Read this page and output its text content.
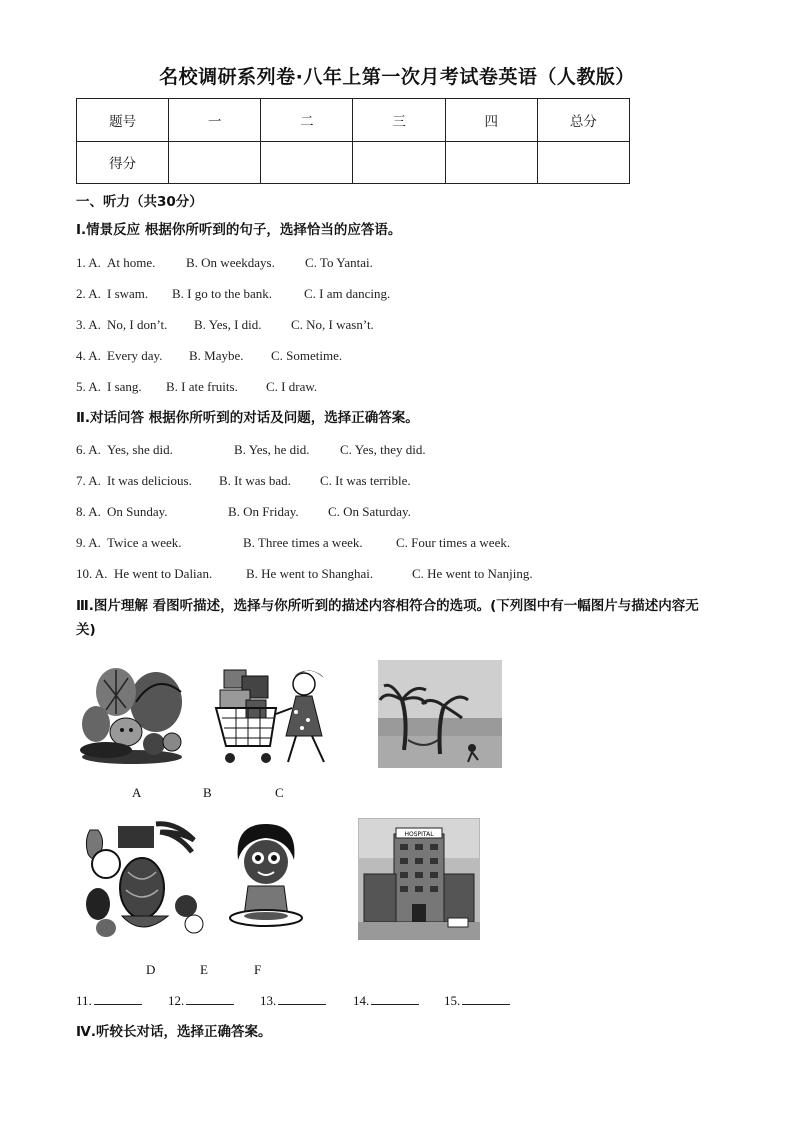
名校调研系列卷·八年上第一次月考试卷英语（人教版）
题号	一	二	三	四	总分
得分					
一、听力（共30分）
Ⅰ.情景反应 根据你所听到的句子，选择恰当的应答语。
1. A. At home. B. On weekdays. C. To Yantai.
2. A. I swam. B. I go to the bank. C. I am dancing.
3. A. No, I don’t. B. Yes, I did. C. No, I wasn’t.
4. A. Every day. B. Maybe. C. Sometime.
5. A. I sang. B. I ate fruits. C. I draw.
Ⅱ.对话问答 根据你所听到的对话及问题，选择正确答案。
6. A. Yes, she did.	B. Yes, he did. C. Yes, they did.
7. A. It was delicious. B. It was bad. C. It was terrible.
8. A. On Sunday.	B. On Friday. C. On Saturday.
9. A. Twice a week.	B. Three times a week.	C. Four times a week.
10. A. He went to Dalian.	B. He went to Shanghai.	C. He went to Nanjing.
Ⅲ.图片理解 看图听描述，选择与你所听到的描述内容相符合的选项。(下列图中有一幅图片与描述内容无关)
A	B	C
HOSPITAL
D	E	F
11.	12.	13.	14.	15.
Ⅳ.听较长对话，选择正确答案。
